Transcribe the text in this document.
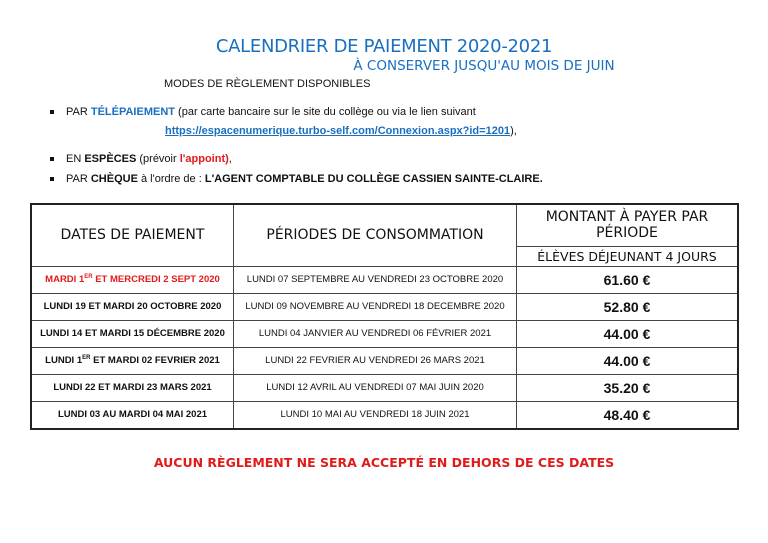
CALENDRIER DE PAIEMENT 2020-2021
À CONSERVER JUSQU'AU MOIS DE JUIN
MODES DE RÈGLEMENT DISPONIBLES
PAR TÉLÉPAIEMENT (par carte bancaire sur le site du collège ou via le lien suivant
https://espacenumerique.turbo-self.com/Connexion.aspx?id=1201),
EN ESPÈCES (prévoir l'appoint),
PAR CHÈQUE à l'ordre de : L'AGENT COMPTABLE DU COLLÈGE CASSIEN SAINTE-CLAIRE.
DATES DE PAIEMENT	PÉRIODES DE CONSOMMATION	MONTANT À PAYER PAR PÉRIODE
		ÉLÈVES DÉJEUNANT 4 JOURS
MARDI 1ER ET MERCREDI 2 SEPT 2020	LUNDI 07 SEPTEMBRE AU VENDREDI 23 OCTOBRE 2020	61.60 €
LUNDI 19 ET MARDI 20 OCTOBRE 2020	LUNDI 09 NOVEMBRE AU VENDREDI 18 DECEMBRE 2020	52.80 €
LUNDI 14 ET MARDI 15 DÉCEMBRE 2020	LUNDI 04 JANVIER AU VENDREDI 06 FÉVRIER 2021	44.00 €
LUNDI 1ER ET MARDI 02 FEVRIER 2021	LUNDI 22 FEVRIER AU VENDREDI 26 MARS 2021	44.00 €
LUNDI 22 ET MARDI 23 MARS 2021	LUNDI 12 AVRIL AU VENDREDI 07 MAI JUIN 2020	35.20 €
LUNDI 03 AU MARDI 04 MAI 2021	LUNDI 10 MAI AU VENDREDI 18 JUIN 2021	48.40 €
AUCUN RÈGLEMENT NE SERA ACCEPTÉ EN DEHORS DE CES DATES
